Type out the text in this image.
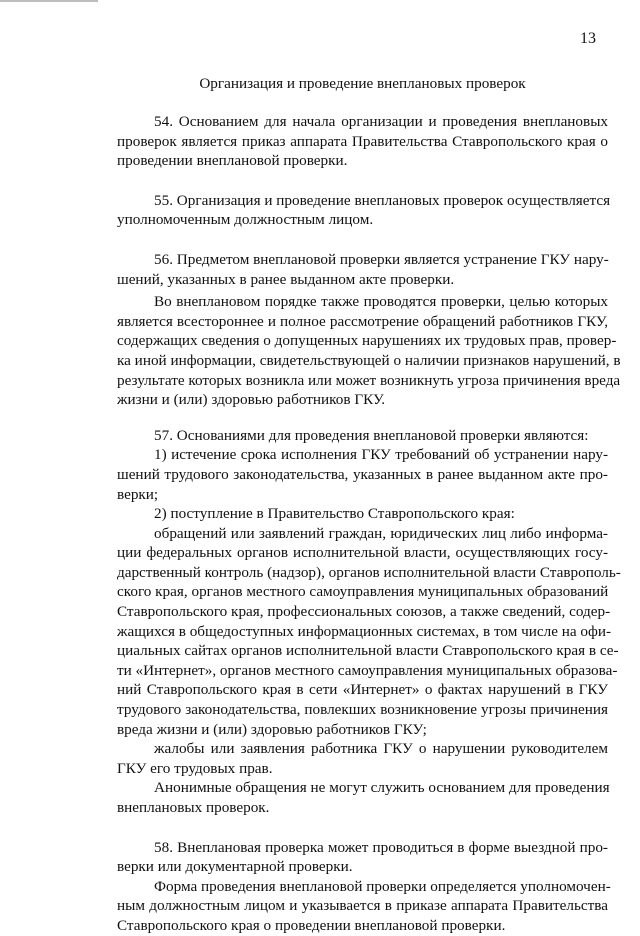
13
Организация и проведение внеплановых проверок
54. Основанием для начала организации и проведения внеплановых
проверок является приказ аппарата Правительства Ставропольского края о
проведении внеплановой проверки.
55. Организация и проведение внеплановых проверок осуществляется
уполномоченным должностным лицом.
56. Предметом внеплановой проверки является устранение ГКУ нару-
шений, указанных в ранее выданном акте проверки.
Во внеплановом порядке также проводятся проверки, целью которых
является всестороннее и полное рассмотрение обращений работников ГКУ,
содержащих сведения о допущенных нарушениях их трудовых прав, провер-
ка иной информации, свидетельствующей о наличии признаков нарушений, в
результате которых возникла или может возникнуть угроза причинения вреда
жизни и (или) здоровью работников ГКУ.
57. Основаниями для проведения внеплановой проверки являются:
1) истечение срока исполнения ГКУ требований об устранении нару-
шений трудового законодательства, указанных в ранее выданном акте про-
верки;
2) поступление в Правительство Ставропольского края:
обращений или заявлений граждан, юридических лиц либо информа-
ции федеральных органов исполнительной власти, осуществляющих госу-
дарственный контроль (надзор), органов исполнительной власти Ставрополь-
ского края, органов местного самоуправления муниципальных образований
Ставропольского края, профессиональных союзов, а также сведений, содер-
жащихся в общедоступных информационных системах, в том числе на офи-
циальных сайтах органов исполнительной власти Ставропольского края в се-
ти «Интернет», органов местного самоуправления муниципальных образова-
ний Ставропольского края в сети «Интернет» о фактах нарушений в ГКУ
трудового законодательства, повлекших возникновение угрозы причинения
вреда жизни и (или) здоровью работников ГКУ;
жалобы или заявления работника ГКУ о нарушении руководителем
ГКУ его трудовых прав.
Анонимные обращения не могут служить основанием для проведения
внеплановых проверок.
58. Внеплановая проверка может проводиться в форме выездной про-
верки или документарной проверки.
Форма проведения внеплановой проверки определяется уполномочен-
ным должностным лицом и указывается в приказе аппарата Правительства
Ставропольского края о проведении внеплановой проверки.
